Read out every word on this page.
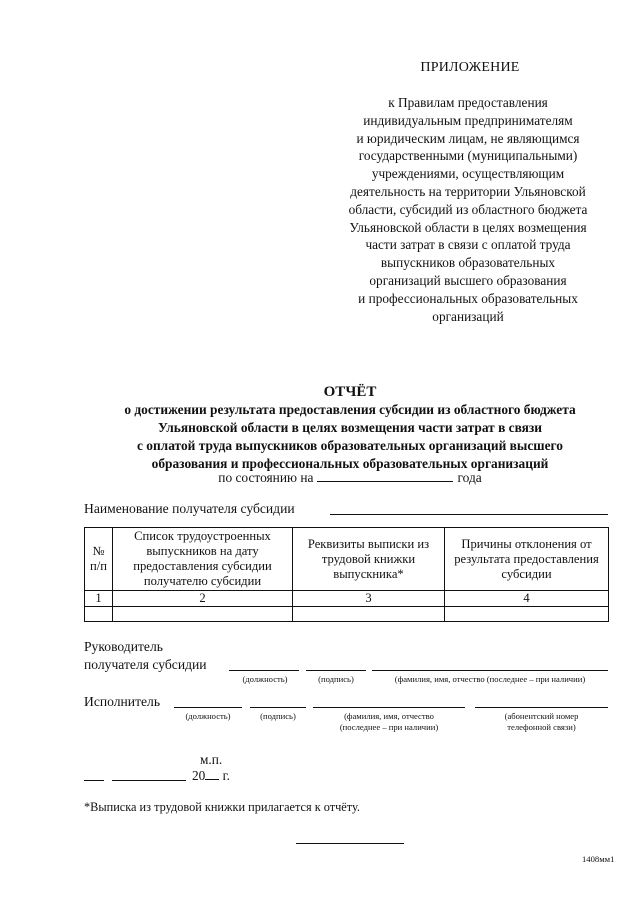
ПРИЛОЖЕНИЕ
к Правилам предоставления
индивидуальным предпринимателям
и юридическим лицам, не являющимся
государственными (муниципальными)
учреждениями, осуществляющим
деятельность на территории Ульяновской
области, субсидий из областного бюджета
Ульяновской области в целях возмещения
части затрат в связи с оплатой труда
выпускников образовательных
организаций высшего образования
и профессиональных образовательных
организаций
ОТЧЁТ
о достижении результата предоставления субсидии из областного бюджета
Ульяновской области в целях возмещения части затрат в связи
с оплатой труда выпускников образовательных организаций высшего
образования и профессиональных образовательных организаций
по состоянию на	года
Наименование получателя субсидии
№ п/п	Список трудоустроенных выпускников на дату предоставления субсидии получателю субсидии	Реквизиты выписки из трудовой книжки выпускника*	Причины отклонения от результата предоставления субсидии
1	2	3	4

Руководитель
получателя субсидии
(должность)	(подпись)	(фамилия, имя, отчество (последнее – при наличии)
Исполнитель
(должность)	(подпись)	(фамилия, имя, отчество
(последнее – при наличии)
(абонентский номер
телефонной связи)
м.п.
20 г.
*Выписка из трудовой книжки прилагается к отчёту.
1408мм1
